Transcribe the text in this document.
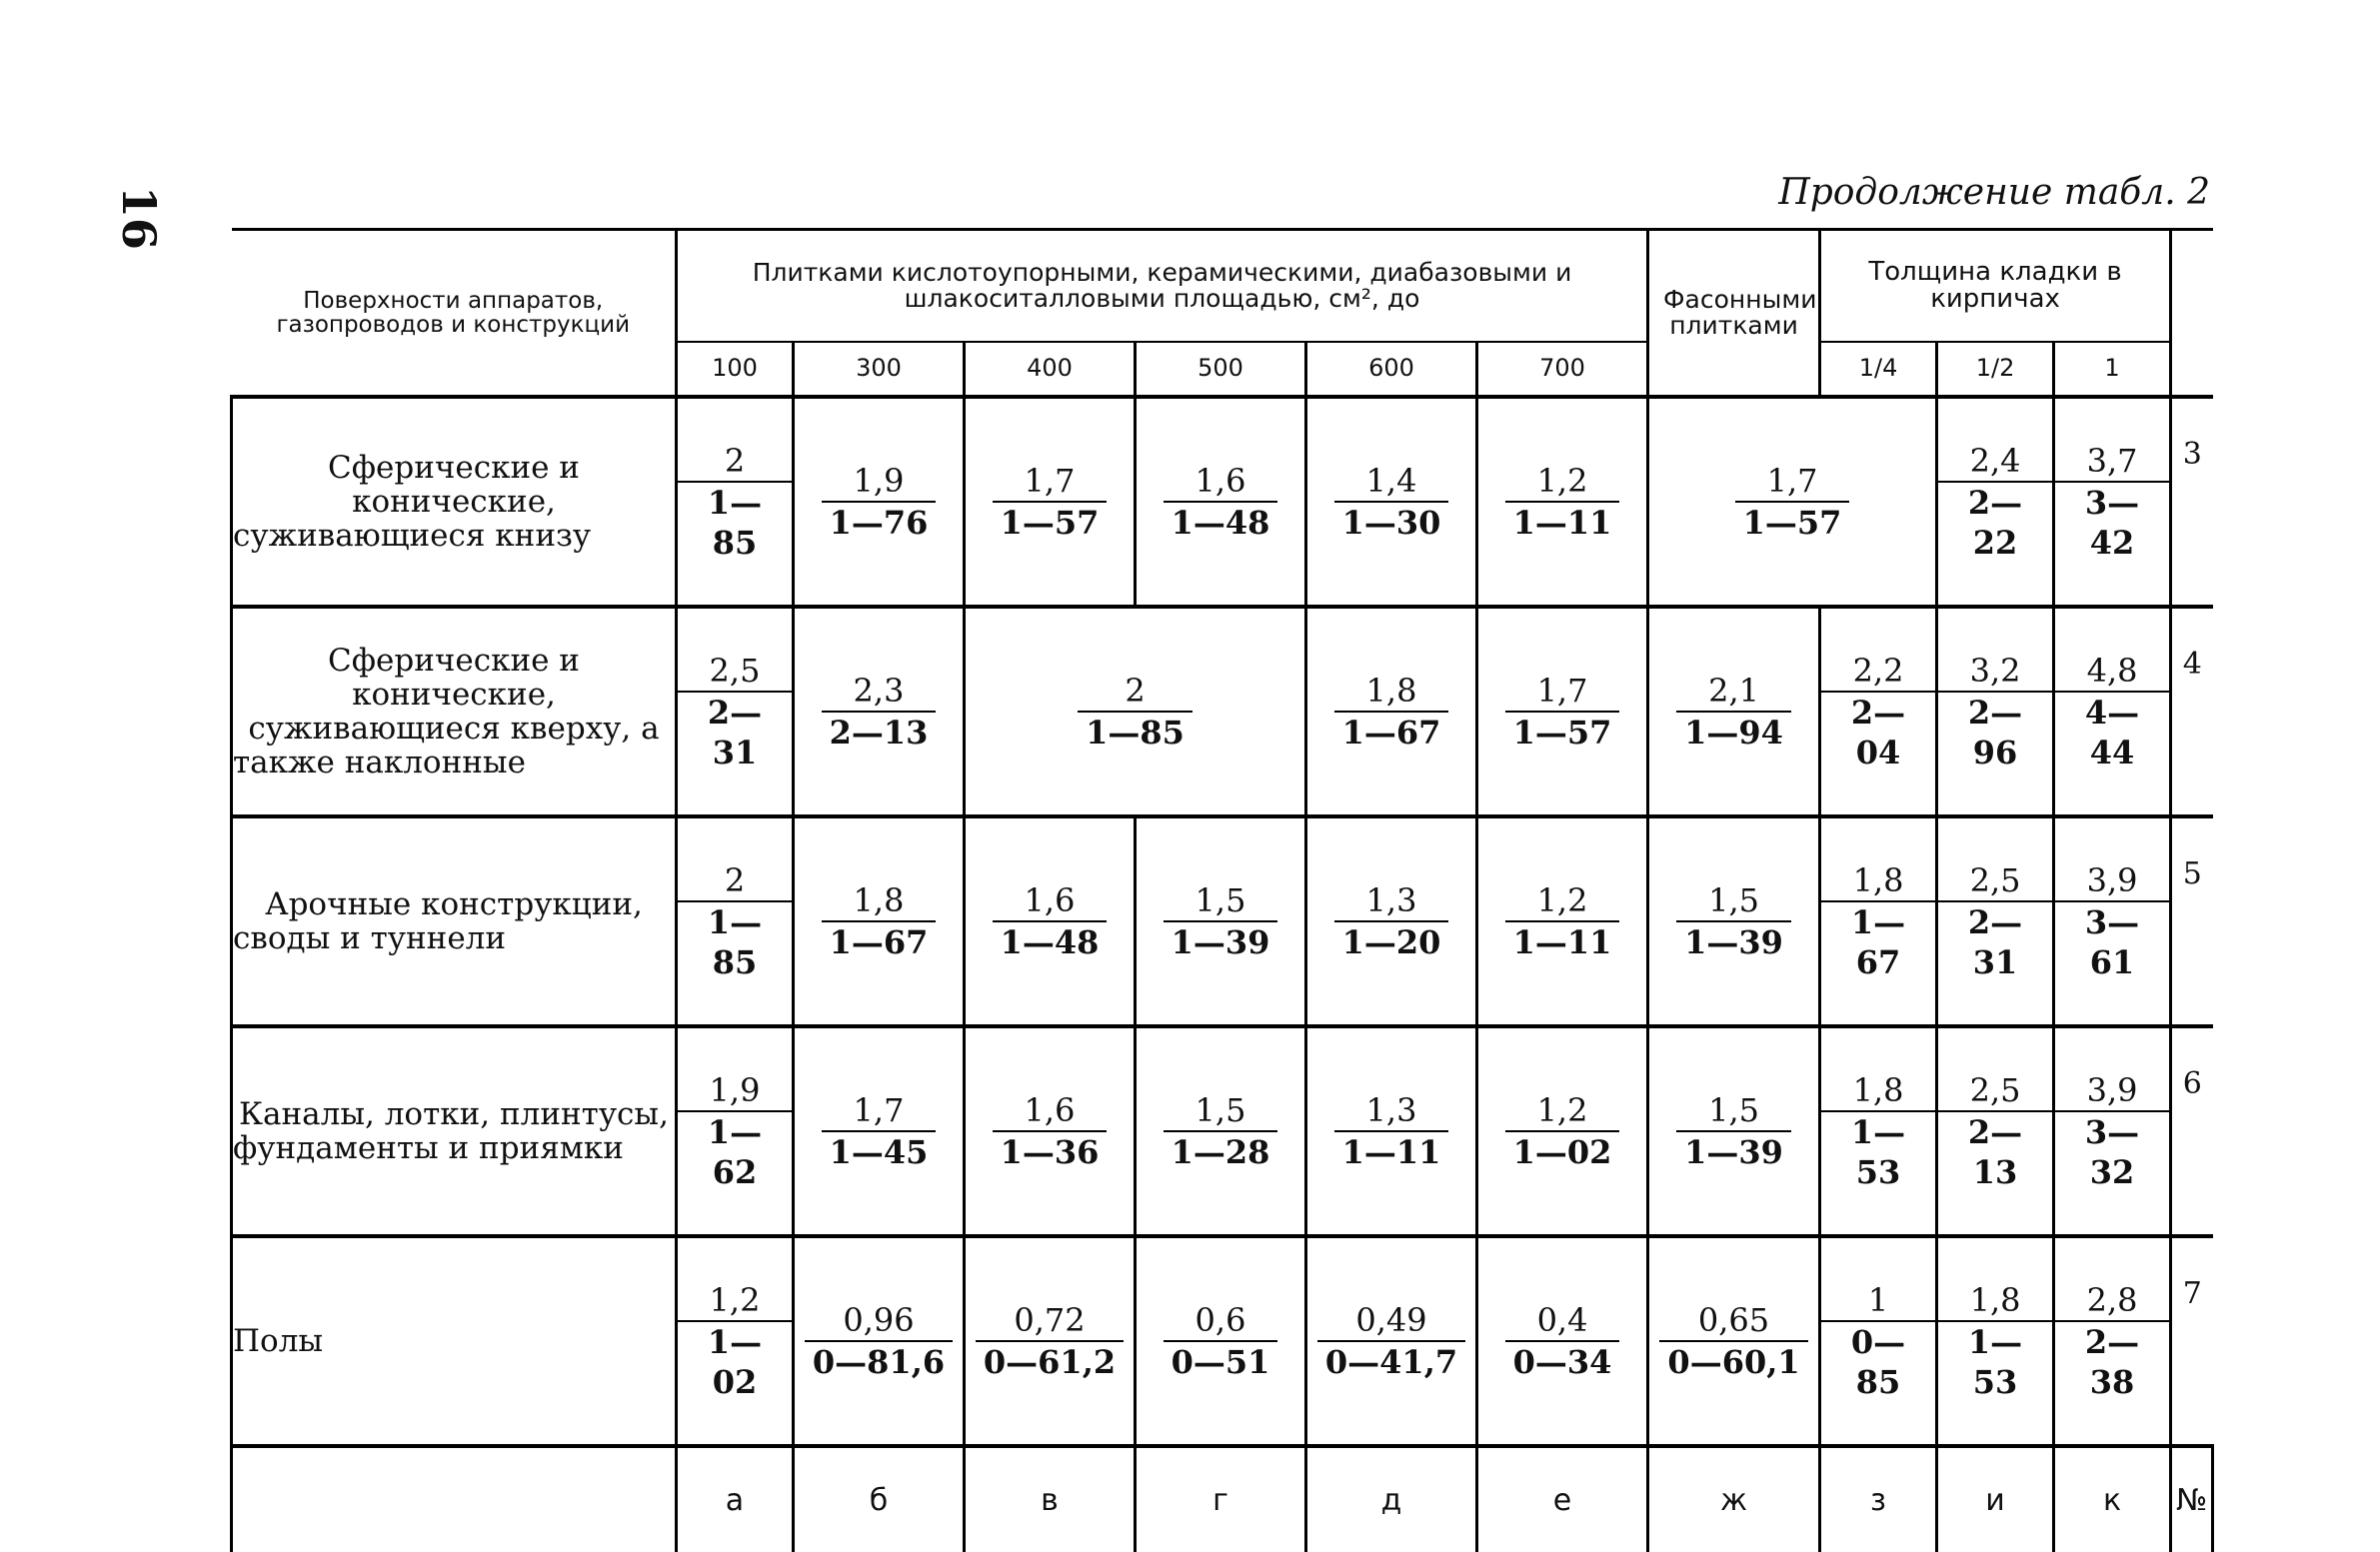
16	Продолжение табл. 2
Поверхности аппаратов, газопроводов и конструкций	Плитками кислотоупорными, керамическими, диабазовыми и шлакоситалловыми площадью, см², до						Фасонными плитками	Толщина кладки в кирпичах			
	100	300	400	500	600	700		1/4	1/2	1	
Сферические и конические, суживающиеся книзу	$\frac{2}{1—85}$	$\frac{1,9}{1—76}$	$\frac{1,7}{1—57}$	$\frac{1,6}{1—48}$	$\frac{1,4}{1—30}$	$\frac{1,2}{1—11}$	$\frac{1,7}{1—57}$		$\frac{2,4}{2—22}$	$\frac{3,7}{3—42}$	3
Сферические и конические, суживающиеся кверху, а также наклонные	$\frac{2,5}{2—31}$	$\frac{2,3}{2—13}$	$\frac{2}{1—85}$		$\frac{1,8}{1—67}$	$\frac{1,7}{1—57}$	$\frac{2,1}{1—94}$	$\frac{2,2}{2—04}$	$\frac{3,2}{2—96}$	$\frac{4,8}{4—44}$	4
Арочные конструкции, своды и туннели	$\frac{2}{1—85}$	$\frac{1,8}{1—67}$	$\frac{1,6}{1—48}$	$\frac{1,5}{1—39}$	$\frac{1,3}{1—20}$	$\frac{1,2}{1—11}$	$\frac{1,5}{1—39}$	$\frac{1,8}{1—67}$	$\frac{2,5}{2—31}$	$\frac{3,9}{3—61}$	5
Каналы, лотки, плинтусы, фундаменты и приямки	$\frac{1,9}{1—62}$	$\frac{1,7}{1—45}$	$\frac{1,6}{1—36}$	$\frac{1,5}{1—28}$	$\frac{1,3}{1—11}$	$\frac{1,2}{1—02}$	$\frac{1,5}{1—39}$	$\frac{1,8}{1—53}$	$\frac{2,5}{2—13}$	$\frac{3,9}{3—32}$	6
Полы	$\frac{1,2}{1—02}$	$\frac{0,96}{0—81,6}$	$\frac{0,72}{0—61,2}$	$\frac{0,6}{0—51}$	$\frac{0,49}{0—41,7}$	$\frac{0,4}{0—34}$	$\frac{0,65}{0—60,1}$	$\frac{1}{0—85}$	$\frac{1,8}{1—53}$	$\frac{2,8}{2—38}$	7
	а	б	в	г	д	е	ж	з	и	к	№
